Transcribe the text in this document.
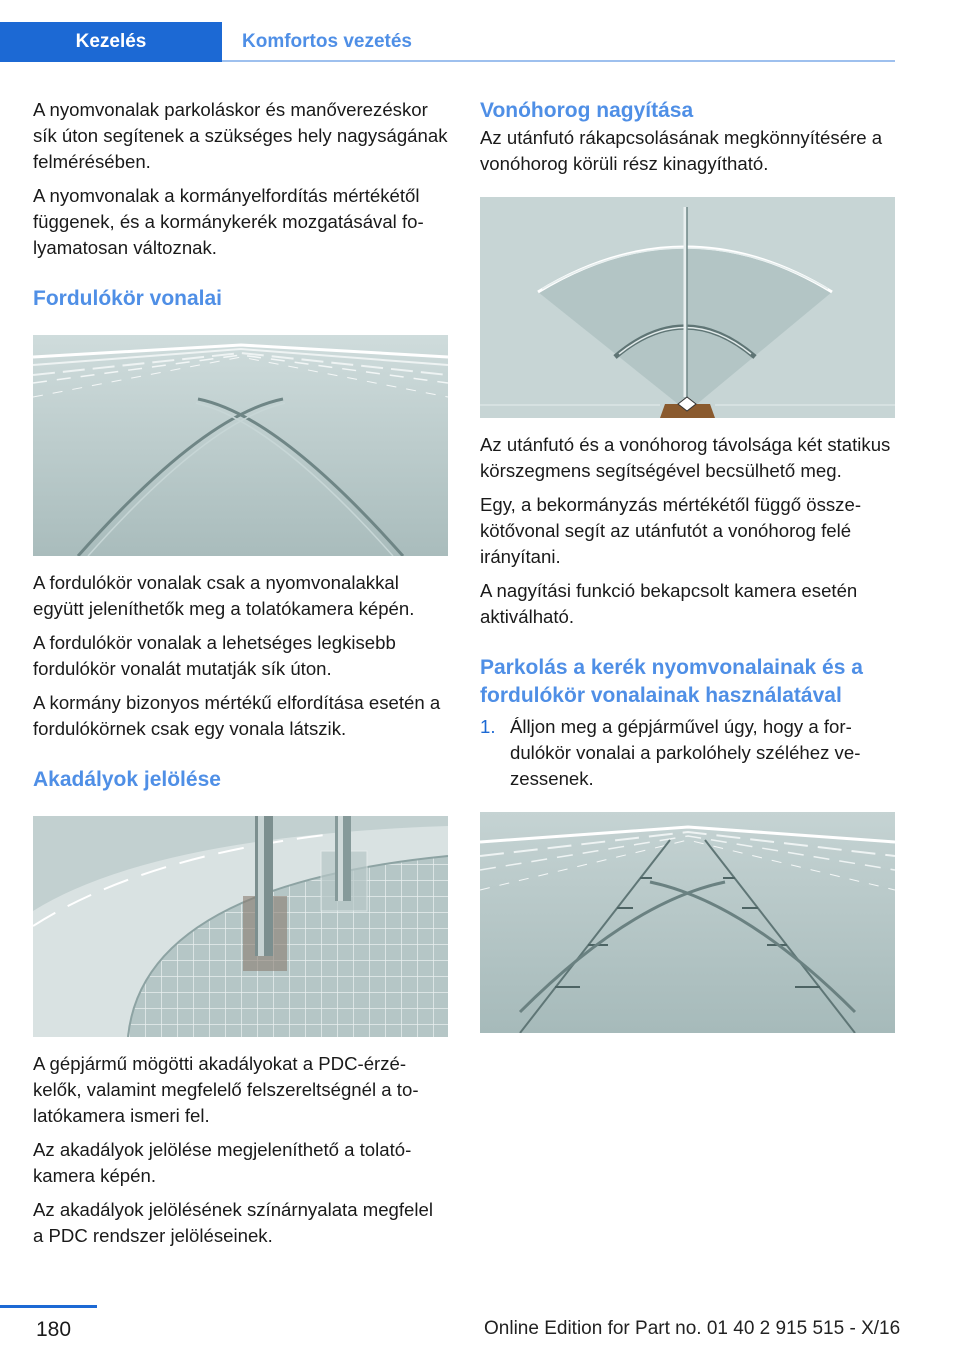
Kezelés	Komfortos vezetés

A nyomvonalak parkoláskor és manőverezéskor sík úton segítenek a szükséges hely nagyságának felmérésében.

A nyomvonalak a kormányelfordítás mértékétől függenek, és a kormánykerék mozgatásával folyamatosan változnak.

Fordulókör vonalai

A fordulókör vonalak csak a nyomvonalakkal együtt jeleníthetők meg a tolatókamera képén.

A fordulókör vonalak a lehetséges legkisebb fordulókör vonalát mutatják sík úton.

A kormány bizonyos mértékű elfordítása esetén a fordulókörnek csak egy vonala látszik.

Akadályok jelölése

A gépjármű mögötti akadályokat a PDC-érzékelők, valamint megfelelő felszereltségnél a tolatókamera ismeri fel.

Az akadályok jelölése megjeleníthető a tolatókamera képén.

Az akadályok jelölésének színárnyalata megfelel a PDC rendszer jelöléseinek.

Vonóhorog nagyítása

Az utánfutó rákapcsolásának megkönnyítésére a vonóhorog körüli rész kinagyítható.

Az utánfutó és a vonóhorog távolsága két statikus körszegmens segítségével becsülhető meg.

Egy, a bekormányzás mértékétől függő összekötővonal segít az utánfutót a vonóhorog felé irányítani.

A nagyítási funkció bekapcsolt kamera esetén aktiválható.

Parkolás a kerék nyomvonalainak és a fordulókör vonalainak használatával
1. Álljon meg a gépjárművel úgy, hogy a fordulókör vonalai a parkolóhely széléhez vezessenek.
180	Online Edition for Part no. 01 40 2 915 515 - X/16
